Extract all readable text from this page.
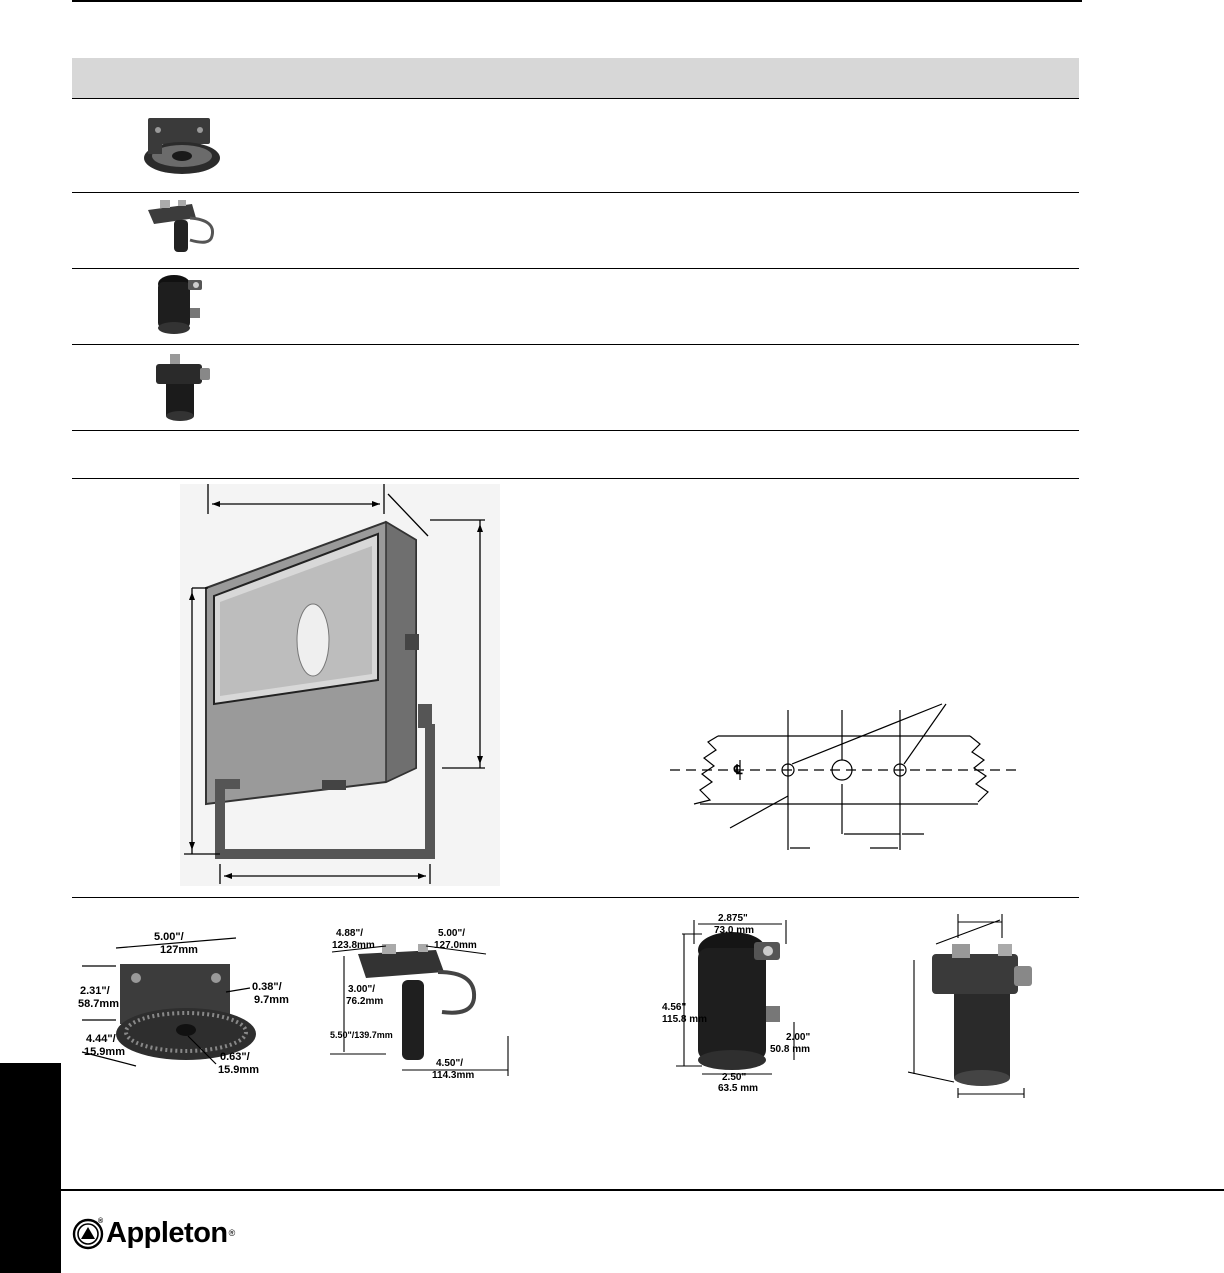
℄
5.00"/
127mm
2.31"/
58.7mm
0.38"/
9.7mm
4.44"/
15.9mm	0.63"/
15.9mm
4.88"/
123.8mm
5.00"/
127.0mm
3.00"/
76.2mm
5.50"/139.7mm
4.50"/
114.3mm
2.875"
73.0 mm
4.56"
115.8 mm
2.00"
50.8 mm
2.50"
63.5 mm
® Appleton ®
